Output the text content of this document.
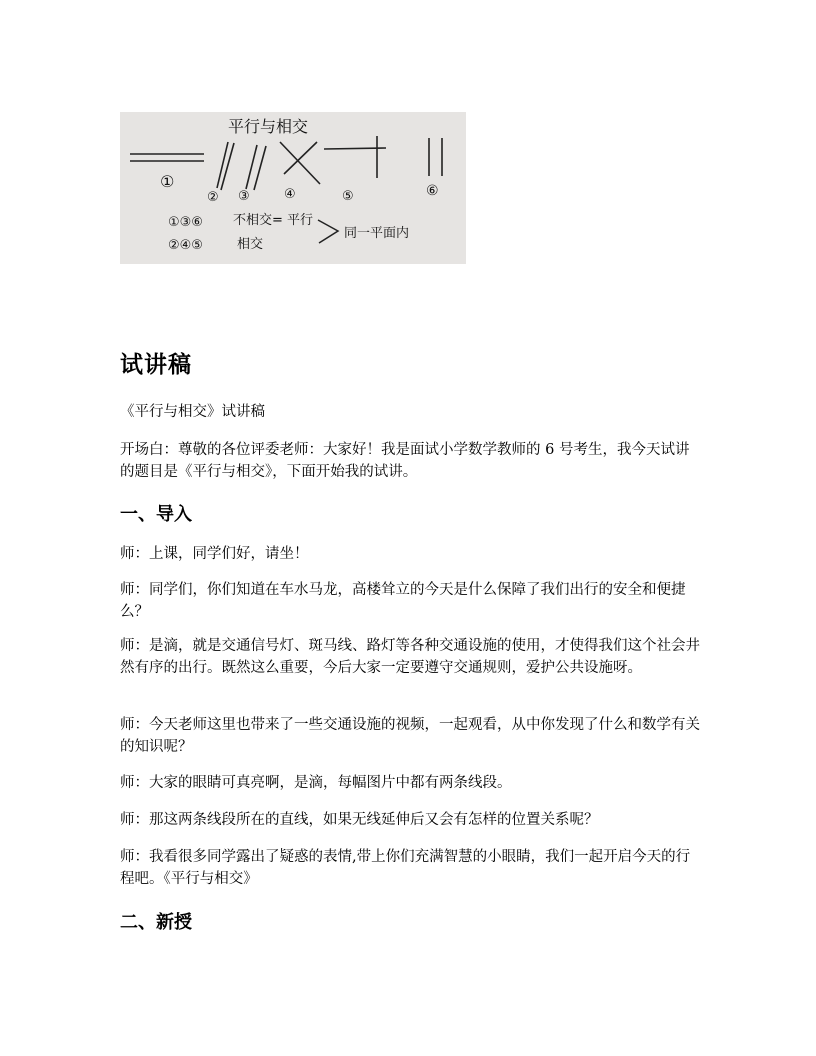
平行与相交
①
② ③	④	⑤	⑥
①③⑥ 不相交= 平行
②④⑤	相交
同一平面内
试讲稿

《平行与相交》试讲稿

开场白：尊敬的各位评委老师：大家好！我是面试小学数学教师的 6 号考生，我今天试讲的题目是《平行与相交》，下面开始我的试讲。

一、导入

师：上课，同学们好，请坐！

师：同学们，你们知道在车水马龙，高楼耸立的今天是什么保障了我们出行的安全和便捷么？

师：是滴，就是交通信号灯、斑马线、路灯等各种交通设施的使用，才使得我们这个社会井然有序的出行。既然这么重要，今后大家一定要遵守交通规则，爱护公共设施呀。

师：今天老师这里也带来了一些交通设施的视频，一起观看，从中你发现了什么和数学有关的知识呢？

师：大家的眼睛可真亮啊，是滴，每幅图片中都有两条线段。

师：那这两条线段所在的直线，如果无线延伸后又会有怎样的位置关系呢？

师：我看很多同学露出了疑惑的表情,带上你们充满智慧的小眼睛，我们一起开启今天的行程吧。《平行与相交》

二、新授
